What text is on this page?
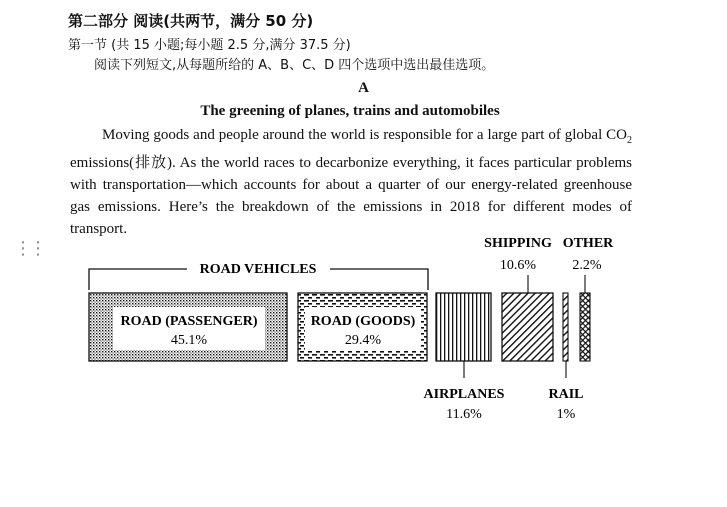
第二部分 阅读(共两节，满分 50 分)
第一节 (共 15 小题;每小题 2.5 分,满分 37.5 分)
阅读下列短文,从每题所给的 A、B、C、D 四个选项中选出最佳选项。
A
The greening of planes, trains and automobiles

Moving goods and people around the world is responsible for a large part of global $CO_2$ emissions(排放). As the world races to decarbonize everything, it faces particular problems with transportation—which accounts for about a quarter of our energy-related greenhouse gas emissions. Here’s the breakdown of the emissions in 2018 for different modes of transport.

⋮⋮
ROAD VEHICLES
ROAD (PASSENGER)
45.1%
ROAD (GOODS)
29.4%
SHIPPING
10.6%
OTHER
2.2%
AIRPLANES
11.6%
RAIL
1%
